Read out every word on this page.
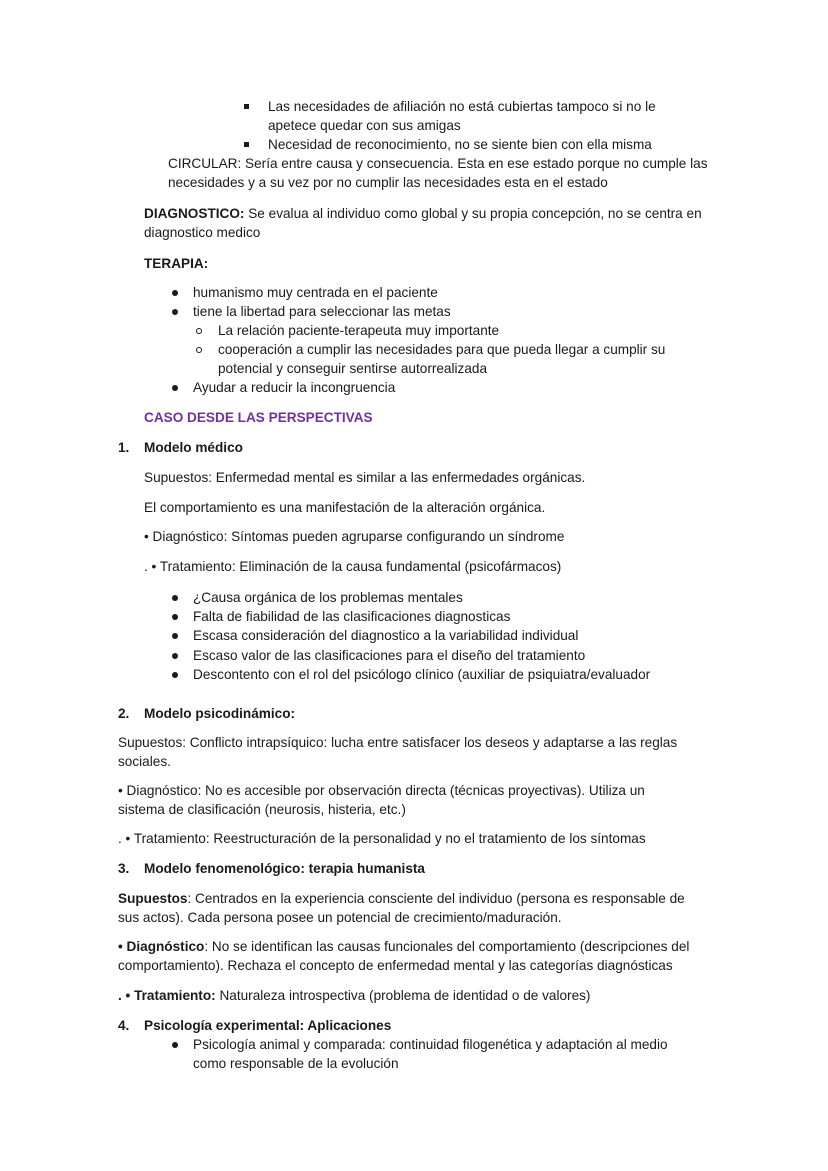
Las necesidades de afiliación no está cubiertas tampoco si no le
apetece quedar con sus amigas
Necesidad de reconocimiento, no se siente bien con ella misma
CIRCULAR: Sería entre causa y consecuencia. Esta en ese estado porque no cumple las
necesidades y a su vez por no cumplir las necesidades esta en el estado
DIAGNOSTICO: Se evalua al individuo como global y su propia concepción, no se centra en
diagnostico medico
TERAPIA:
humanismo muy centrada en el paciente
tiene la libertad para seleccionar las metas
La relación paciente-terapeuta muy importante
cooperación a cumplir las necesidades para que pueda llegar a cumplir su
potencial y conseguir sentirse autorrealizada
Ayudar a reducir la incongruencia
CASO DESDE LAS PERSPECTIVAS
1. Modelo médico
Supuestos: Enfermedad mental es similar a las enfermedades orgánicas.
El comportamiento es una manifestación de la alteración orgánica.
• Diagnóstico: Síntomas pueden agruparse configurando un síndrome
. • Tratamiento: Eliminación de la causa fundamental (psicofármacos)
¿Causa orgánica de los problemas mentales
Falta de fiabilidad de las clasificaciones diagnosticas
Escasa consideración del diagnostico a la variabilidad individual
Escaso valor de las clasificaciones para el diseño del tratamiento
Descontento con el rol del psicólogo clínico (auxiliar de psiquiatra/evaluador
2. Modelo psicodinámico:
Supuestos: Conflicto intrapsíquico: lucha entre satisfacer los deseos y adaptarse a las reglas
sociales.
• Diagnóstico: No es accesible por observación directa (técnicas proyectivas). Utiliza un
sistema de clasificación (neurosis, histeria, etc.)
. • Tratamiento: Reestructuración de la personalidad y no el tratamiento de los síntomas
3. Modelo fenomenológico: terapia humanista
Supuestos: Centrados en la experiencia consciente del individuo (persona es responsable de
sus actos). Cada persona posee un potencial de crecimiento/maduración.
• Diagnóstico: No se identifican las causas funcionales del comportamiento (descripciones del
comportamiento). Rechaza el concepto de enfermedad mental y las categorías diagnósticas
. • Tratamiento: Naturaleza introspectiva (problema de identidad o de valores)
4. Psicología experimental: Aplicaciones
Psicología animal y comparada: continuidad filogenética y adaptación al medio
como responsable de la evolución
